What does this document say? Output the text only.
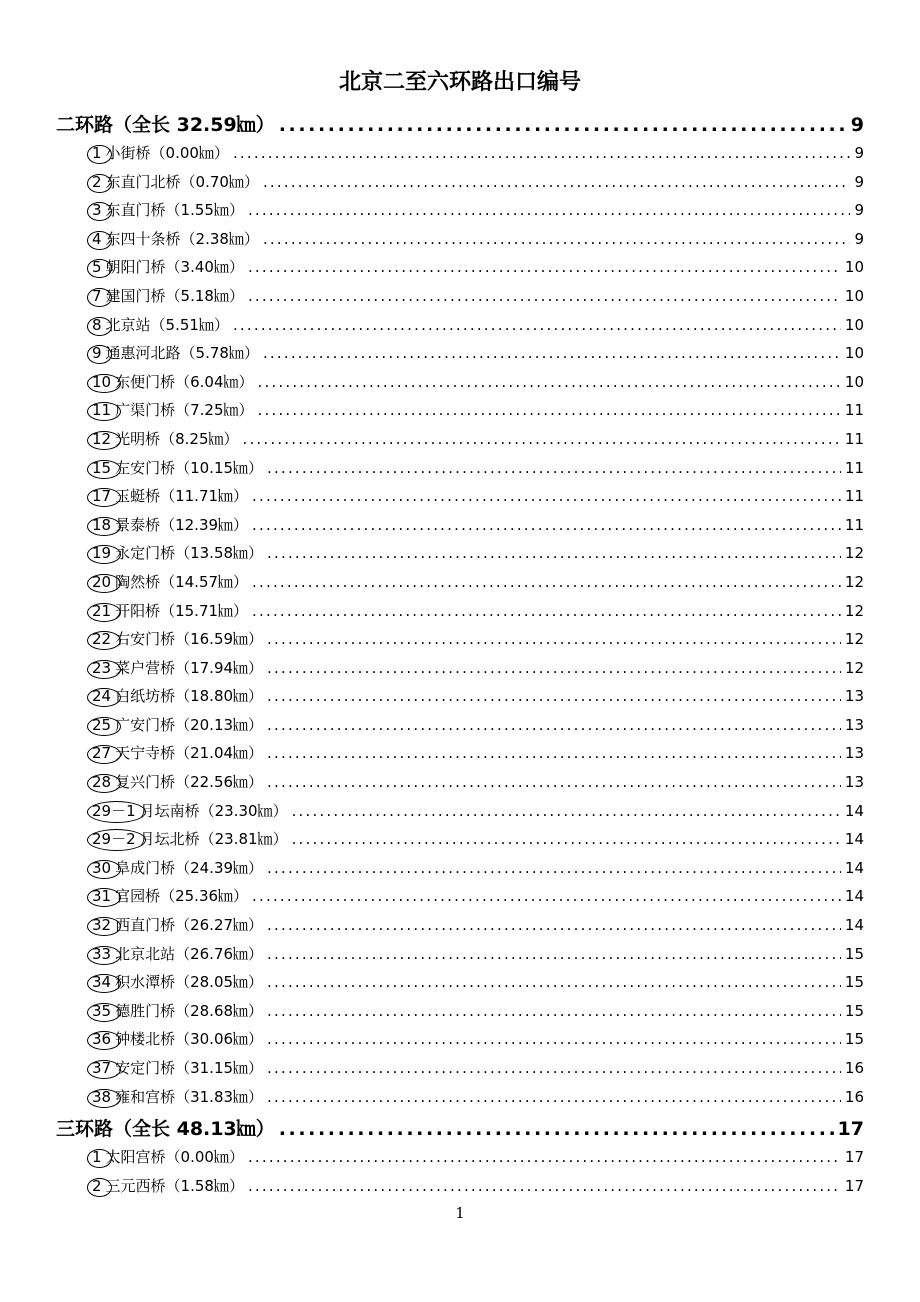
北京二至六环路出口编号
二环路（全长 32.59㎞） .....	9
1 小街桥（0.00㎞） .....	9
2 东直门北桥（0.70㎞） .....	9
3 东直门桥（1.55㎞） .....	9
4 东四十条桥（2.38㎞） .....	9
5 朝阳门桥（3.40㎞） .....	10
7 建国门桥（5.18㎞） .....	10
8 北京站（5.51㎞） .....	10
9 通惠河北路（5.78㎞） .....	10
10 东便门桥（6.04㎞） .....	10
11 广渠门桥（7.25㎞） .....	11
12 光明桥（8.25㎞） .....	11
15 左安门桥（10.15㎞） .....	11
17 玉蜓桥（11.71㎞） .....	11
18 景泰桥（12.39㎞） .....	11
19 永定门桥（13.58㎞） .....	12
20 陶然桥（14.57㎞） .....	12
21 开阳桥（15.71㎞） .....	12
22 右安门桥（16.59㎞） .....	12
23 菜户营桥（17.94㎞） .....	12
24 白纸坊桥（18.80㎞） .....	13
25 广安门桥（20.13㎞） .....	13
27 天宁寺桥（21.04㎞） .....	13
28 复兴门桥（22.56㎞） .....	13
29－1 月坛南桥（23.30㎞） .....	14
29－2 月坛北桥（23.81㎞） .....	14
30 阜成门桥（24.39㎞） .....	14
31 官园桥（25.36㎞） .....	14
32 西直门桥（26.27㎞） .....	14
33 北京北站（26.76㎞） .....	15
34 积水潭桥（28.05㎞） .....	15
35 德胜门桥（28.68㎞） .....	15
36 钟楼北桥（30.06㎞） .....	15
37 安定门桥（31.15㎞） .....	16
38 雍和宫桥（31.83㎞） .....	16
三环路（全长 48.13㎞） .....	17
1 太阳宫桥（0.00㎞） .....	17
2 三元西桥（1.58㎞） .....	17
1
